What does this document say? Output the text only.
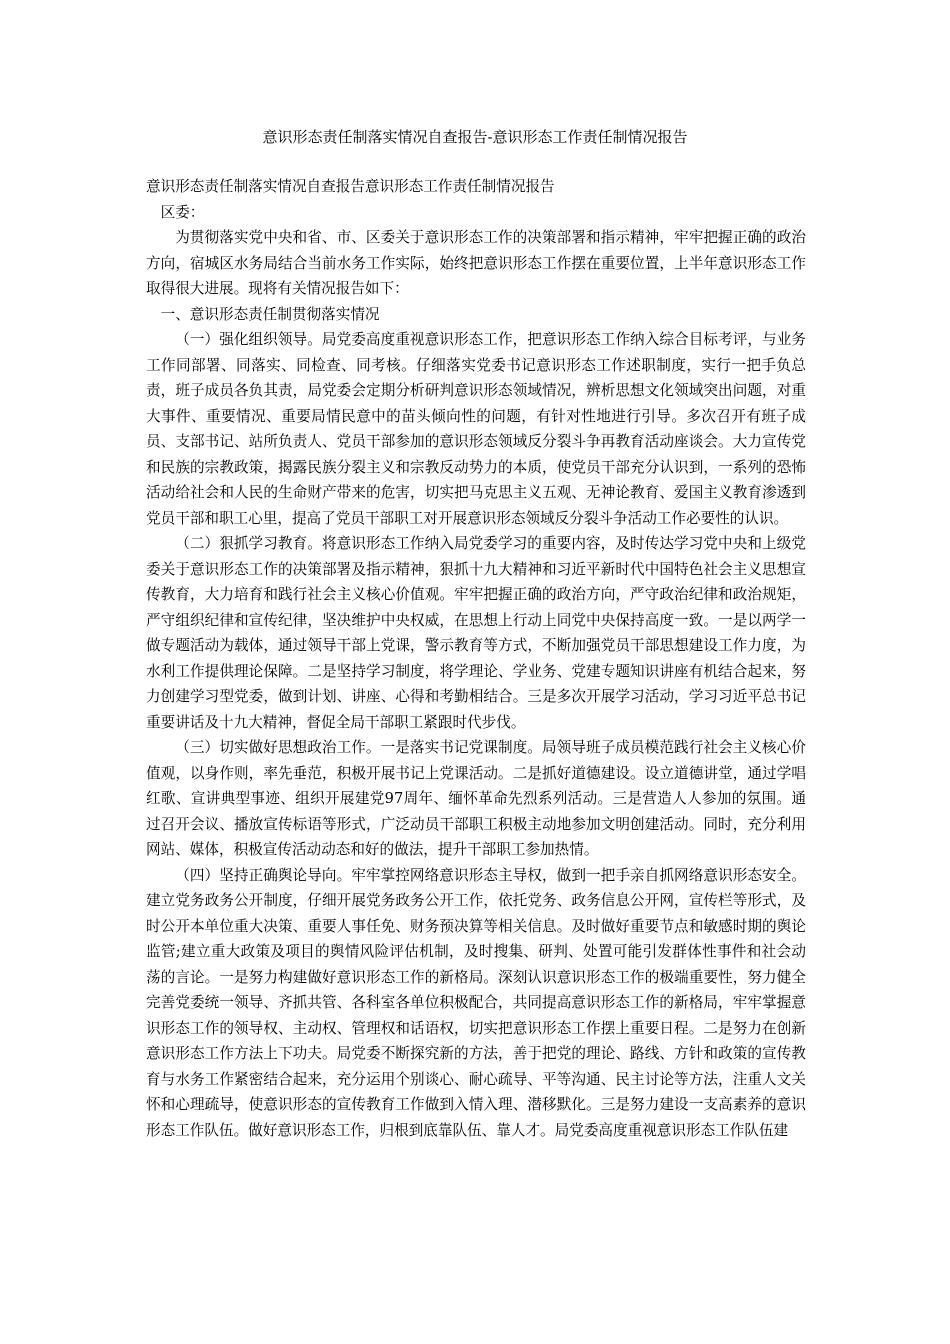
意识形态责任制落实情况自查报告-意识形态工作责任制情况报告

意识形态责任制落实情况自查报告意识形态工作责任制情况报告

区委：

为贯彻落实党中央和省、市、区委关于意识形态工作的决策部署和指示精神，牢牢把握正确的政治方向，宿城区水务局结合当前水务工作实际，始终把意识形态工作摆在重要位置，上半年意识形态工作取得很大进展。现将有关情况报告如下：

一、意识形态责任制贯彻落实情况

（一）强化组织领导。局党委高度重视意识形态工作，把意识形态工作纳入综合目标考评，与业务工作同部署、同落实、同检查、同考核。仔细落实党委书记意识形态工作述职制度，实行一把手负总责，班子成员各负其责，局党委会定期分析研判意识形态领域情况，辨析思想文化领域突出问题，对重大事件、重要情况、重要局情民意中的苗头倾向性的问题，有针对性地进行引导。多次召开有班子成员、支部书记、站所负责人、党员干部参加的意识形态领域反分裂斗争再教育活动座谈会。大力宣传党和民族的宗教政策，揭露民族分裂主义和宗教反动势力的本质，使党员干部充分认识到，一系列的恐怖活动给社会和人民的生命财产带来的危害，切实把马克思主义五观、无神论教育、爱国主义教育渗透到党员干部和职工心里，提高了党员干部职工对开展意识形态领域反分裂斗争活动工作必要性的认识。

（二）狠抓学习教育。将意识形态工作纳入局党委学习的重要内容，及时传达学习党中央和上级党委关于意识形态工作的决策部署及指示精神，狠抓十九大精神和习近平新时代中国特色社会主义思想宣传教育，大力培育和践行社会主义核心价值观。牢牢把握正确的政治方向，严守政治纪律和政治规矩，严守组织纪律和宣传纪律，坚决维护中央权威，在思想上行动上同党中央保持高度一致。一是以两学一做专题活动为载体，通过领导干部上党课，警示教育等方式，不断加强党员干部思想建设工作力度，为水利工作提供理论保障。二是坚持学习制度，将学理论、学业务、党建专题知识讲座有机结合起来，努力创建学习型党委，做到计划、讲座、心得和考勤相结合。三是多次开展学习活动，学习习近平总书记重要讲话及十九大精神，督促全局干部职工紧跟时代步伐。

（三）切实做好思想政治工作。一是落实书记党课制度。局领导班子成员模范践行社会主义核心价值观，以身作则，率先垂范，积极开展书记上党课活动。二是抓好道德建设。设立道德讲堂，通过学唱红歌、宣讲典型事迹、组织开展建党97周年、缅怀革命先烈系列活动。三是营造人人参加的氛围。通过召开会议、播放宣传标语等形式，广泛动员干部职工积极主动地参加文明创建活动。同时，充分利用网站、媒体，积极宣传活动动态和好的做法，提升干部职工参加热情。

（四）坚持正确舆论导向。牢牢掌控网络意识形态主导权，做到一把手亲自抓网络意识形态安全。建立党务政务公开制度，仔细开展党务政务公开工作，依托党务、政务信息公开网，宣传栏等形式，及时公开本单位重大决策、重要人事任免、财务预决算等相关信息。及时做好重要节点和敏感时期的舆论监管;建立重大政策及项目的舆情风险评估机制，及时搜集、研判、处置可能引发群体性事件和社会动荡的言论。一是努力构建做好意识形态工作的新格局。深刻认识意识形态工作的极端重要性，努力健全完善党委统一领导、齐抓共管、各科室各单位积极配合，共同提高意识形态工作的新格局，牢牢掌握意识形态工作的领导权、主动权、管理权和话语权，切实把意识形态工作摆上重要日程。二是努力在创新意识形态工作方法上下功夫。局党委不断探究新的方法，善于把党的理论、路线、方针和政策的宣传教育与水务工作紧密结合起来，充分运用个别谈心、耐心疏导、平等沟通、民主讨论等方法，注重人文关怀和心理疏导，使意识形态的宣传教育工作做到入情入理、潜移默化。三是努力建设一支高素养的意识形态工作队伍。做好意识形态工作，归根到底靠队伍、靠人才。局党委高度重视意识形态工作队伍建
